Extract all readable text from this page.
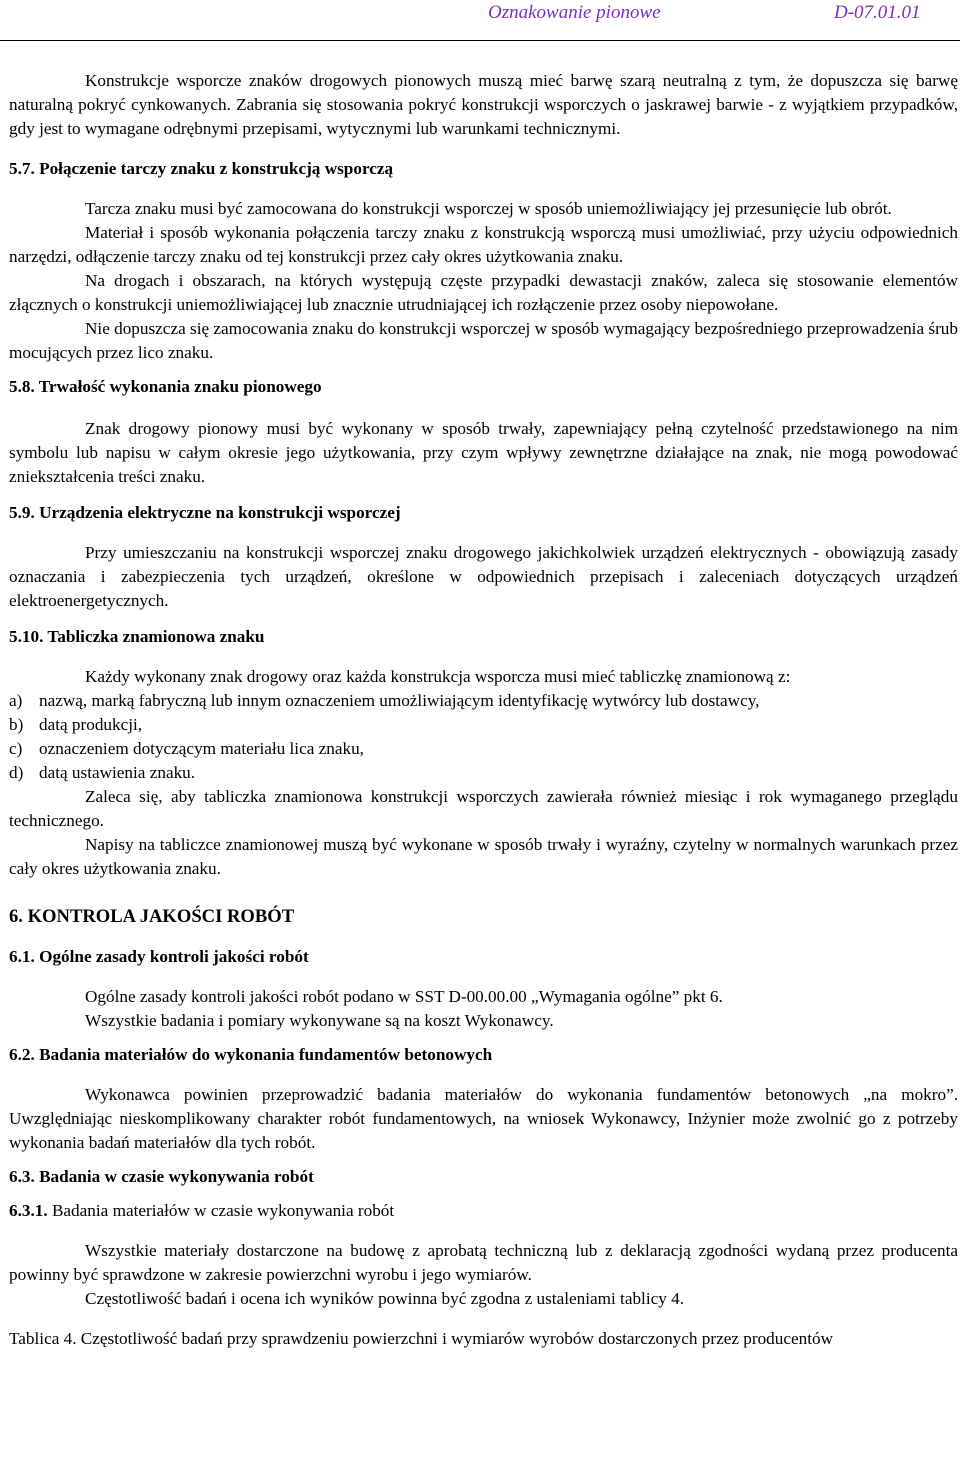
Oznakowanie pionowe	D-07.01.01

Konstrukcje wsporcze znaków drogowych pionowych muszą mieć barwę szarą neutralną z tym, że dopuszcza się barwę naturalną pokryć cynkowanych. Zabrania się stosowania pokryć konstrukcji wsporczych o jaskrawej barwie - z wyjątkiem przypadków, gdy jest to wymagane odrębnymi przepisami, wytycznymi lub warunkami technicznymi.

5.7. Połączenie tarczy znaku z konstrukcją wsporczą

Tarcza znaku musi być zamocowana do konstrukcji wsporczej w sposób uniemożliwiający jej przesunięcie lub obrót.

Materiał i sposób wykonania połączenia tarczy znaku z konstrukcją wsporczą musi umożliwiać, przy użyciu odpowiednich narzędzi, odłączenie tarczy znaku od tej konstrukcji przez cały okres użytkowania znaku.

Na drogach i obszarach, na których występują częste przypadki dewastacji znaków, zaleca się stosowanie elementów złącznych o konstrukcji uniemożliwiającej lub znacznie utrudniającej ich rozłączenie przez osoby niepowołane.

Nie dopuszcza się zamocowania znaku do konstrukcji wsporczej w sposób wymagający bezpośredniego przeprowadzenia śrub mocujących przez lico znaku.

5.8. Trwałość wykonania znaku pionowego

Znak drogowy pionowy musi być wykonany w sposób trwały, zapewniający pełną czytelność przedstawionego na nim symbolu lub napisu w całym okresie jego użytkowania, przy czym wpływy zewnętrzne działające na znak, nie mogą powodować zniekształcenia treści znaku.

5.9. Urządzenia elektryczne na konstrukcji wsporczej

Przy umieszczaniu na konstrukcji wsporczej znaku drogowego jakichkolwiek urządzeń elektrycznych - obowiązują zasady oznaczania i zabezpieczenia tych urządzeń, określone w odpowiednich przepisach i zaleceniach dotyczących urządzeń elektroenergetycznych.

5.10. Tabliczka znamionowa znaku

Każdy wykonany znak drogowy oraz każda konstrukcja wsporcza musi mieć tabliczkę znamionową z:

a) nazwą, marką fabryczną lub innym oznaczeniem umożliwiającym identyfikację wytwórcy lub dostawcy,
b) datą produkcji,
c) oznaczeniem dotyczącym materiału lica znaku,
d) datą ustawienia znaku.

Zaleca się, aby tabliczka znamionowa konstrukcji wsporczych zawierała również miesiąc i rok wymaganego przeglądu technicznego.

Napisy na tabliczce znamionowej muszą być wykonane w sposób trwały i wyraźny, czytelny w normalnych warunkach przez cały okres użytkowania znaku.

6. KONTROLA JAKOŚCI ROBÓT
6.1. Ogólne zasady kontroli jakości robót

Ogólne zasady kontroli jakości robót podano w SST D-00.00.00 „Wymagania ogólne” pkt 6.

Wszystkie badania i pomiary wykonywane są na koszt Wykonawcy.

6.2. Badania materiałów do wykonania fundamentów betonowych

Wykonawca powinien przeprowadzić badania materiałów do wykonania fundamentów betonowych „na mokro”. Uwzględniając nieskomplikowany charakter robót fundamentowych, na wniosek Wykonawcy, Inżynier może zwolnić go z potrzeby wykonania badań materiałów dla tych robót.

6.3. Badania w czasie wykonywania robót
6.3.1. Badania materiałów w czasie wykonywania robót

Wszystkie materiały dostarczone na budowę z aprobatą techniczną lub z deklaracją zgodności wydaną przez producenta powinny być sprawdzone w zakresie powierzchni wyrobu i jego wymiarów.

Częstotliwość badań i ocena ich wyników powinna być zgodna z ustaleniami tablicy 4.

Tablica 4. Częstotliwość badań przy sprawdzeniu powierzchni i wymiarów wyrobów dostarczonych przez producentów
